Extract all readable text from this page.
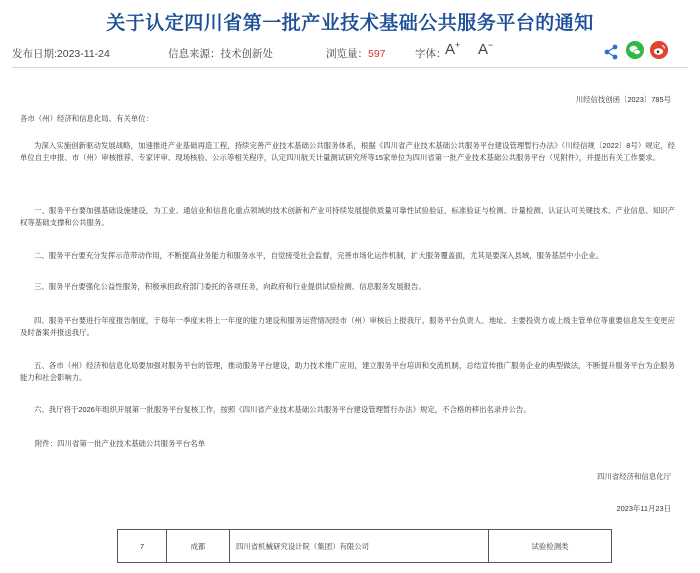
关于认定四川省第一批产业技术基础公共服务平台的通知
发布日期:2023-11-24	信息来源：技术创新处	浏览量：597	字体：
A+ A−
川经信技创函〔2023〕785号
各市（州）经济和信息化局、有关单位：

为深入实施创新驱动发展战略，加速推进产业基础再造工程，持续完善产业技术基础公共服务体系，根据《四川省产业技术基础公共服务平台建设管理暂行办法》（川经信规〔2022〕8号）规定，经单位自主申报、市（州）审核推荐、专家评审、现场核验、公示等相关程序，认定四川航天计量测试研究所等15家单位为四川省第一批产业技术基础公共服务平台（见附件），并提出有关工作要求。

一、服务平台要加强基础设施建设，为工业、通信业和信息化重点领域的技术创新和产业可持续发展提供质量可靠性试验验证、标准验证与检测、计量检测、认证认可关键技术、产业信息、知识产权等基础支撑和公共服务。

二、服务平台要充分发挥示范带动作用，不断提高业务能力和服务水平，自觉接受社会监督，完善市场化运作机制，扩大服务覆盖面，尤其是要深入县域，服务基层中小企业。

三、服务平台要强化公益性服务，积极承担政府部门委托的各项任务，向政府和行业提供试验检测、信息服务发展报告。

四、服务平台要进行年度报告制度，于每年一季度末将上一年度的能力建设和服务运营情况经市（州）审核后上报我厅。服务平台负责人、地址、主要投资方或上级主管单位等重要信息发生变更应及时备案并报送我厅。

五、各市（州）经济和信息化局要加强对服务平台的管理，推动服务平台建设，助力技术推广应用，建立服务平台培训和交流机制，总结宣传推广服务企业的典型做法，不断提升服务平台为企服务能力和社会影响力。

六、我厅将于2026年组织开展第一批服务平台复核工作，按照《四川省产业技术基础公共服务平台建设管理暂行办法》规定，不合格的移出名录并公告。

附件：四川省第一批产业技术基础公共服务平台名单
四川省经济和信息化厅
2023年11月23日
7	成都	四川省机械研究设计院（集团）有限公司	试验检测类
